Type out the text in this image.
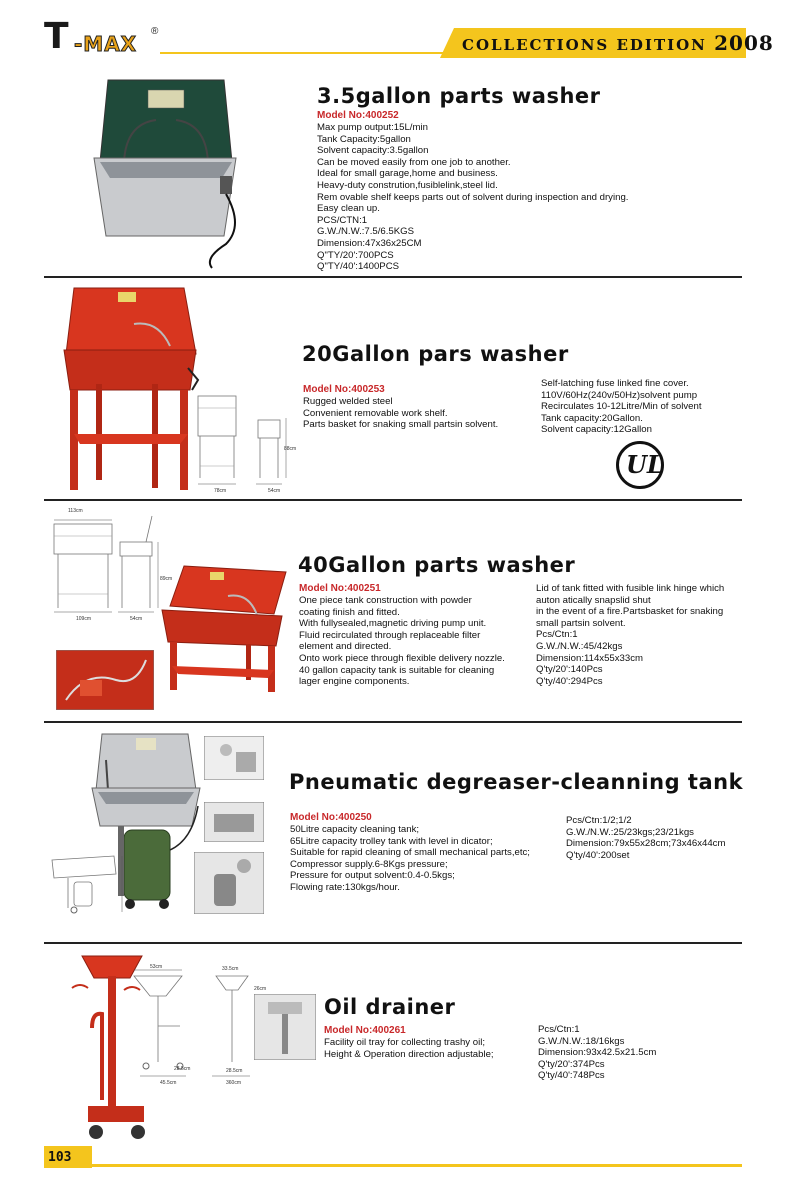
T -MAX
®
COLLECTIONS EDITION 2008
3.5gallon parts washer
Model No:400252
Max pump output:15L/min
Tank Capacity:5gallon
Solvent capacity:3.5gallon
Can be moved easily from one job to another.
Ideal for small garage,home and business.
Heavy-duty constrution,fusiblelink,steel lid.
Rem ovable shelf keeps parts out of solvent during inspection and drying.
Easy clean up.
PCS/CTN:1
G.W./N.W.:7.5/6.5KGS
Dimension:47x36x25CM
Q"TY/20':700PCS
Q"TY/40':1400PCS
78cm	54cm
88cm
20Gallon pars washer
Model No:400253
Rugged welded steel
Convenient removable work shelf.
Parts basket for snaking small partsin solvent.
Self-latching fuse linked fine cover.
110V/60Hz(240v/50Hz)solvent pump
Recirculates 10-12Litre/Min of solvent
Tank capacity:20Gallon.
Solvent capacity:12Gallon
UL
113cm
109cm	54cm
89cm
40Gallon parts washer
Model No:400251
One piece tank construction with powder
coating finish and fitted.
With fullysealed,magnetic driving pump unit.
Fluid recirculated through replaceable filter
element and directed.
Onto work piece through flexible delivery nozzle.
40 gallon capacity tank is suitable for cleaning
lager engine components.
Lid of tank fitted with fusible link hinge which
auton atically snapslid shut
in the event of a fire.Partsbasket for snaking
small partsin solvent.
Pcs/Ctn:1
G.W./N.W.:45/42kgs
Dimension:114x55x33cm
Q'ty/20':140Pcs
Q'ty/40':294Pcs
Pneumatic degreaser-cleanning tank
Model No:400250
50Litre capacity cleaning tank;
65Litre capacity trolley tank with level in dicator;
Suitable for rapid cleaning of small mechanical parts,etc;
Compressor supply.6-8Kgs pressure;
Pressure for output solvent:0.4-0.5kgs;
Flowing rate:130kgs/hour.
Pcs/Ctn:1/2;1/2
G.W./N.W.:25/23kgs;23/21kgs
Dimension:79x55x28cm;73x46x44cm
Q'ty/40':200set
53cm	33.5cm
28.5cm
45.5cm
28.5cm
360cm
26cm
Oil drainer
Model No:400261
Facility oil tray for collecting trashy oil;
Height & Operation direction adjustable;
Pcs/Ctn:1
G.W./N.W.:18/16kgs
Dimension:93x42.5x21.5cm
Q'ty/20':374Pcs
Q'ty/40':748Pcs
103
